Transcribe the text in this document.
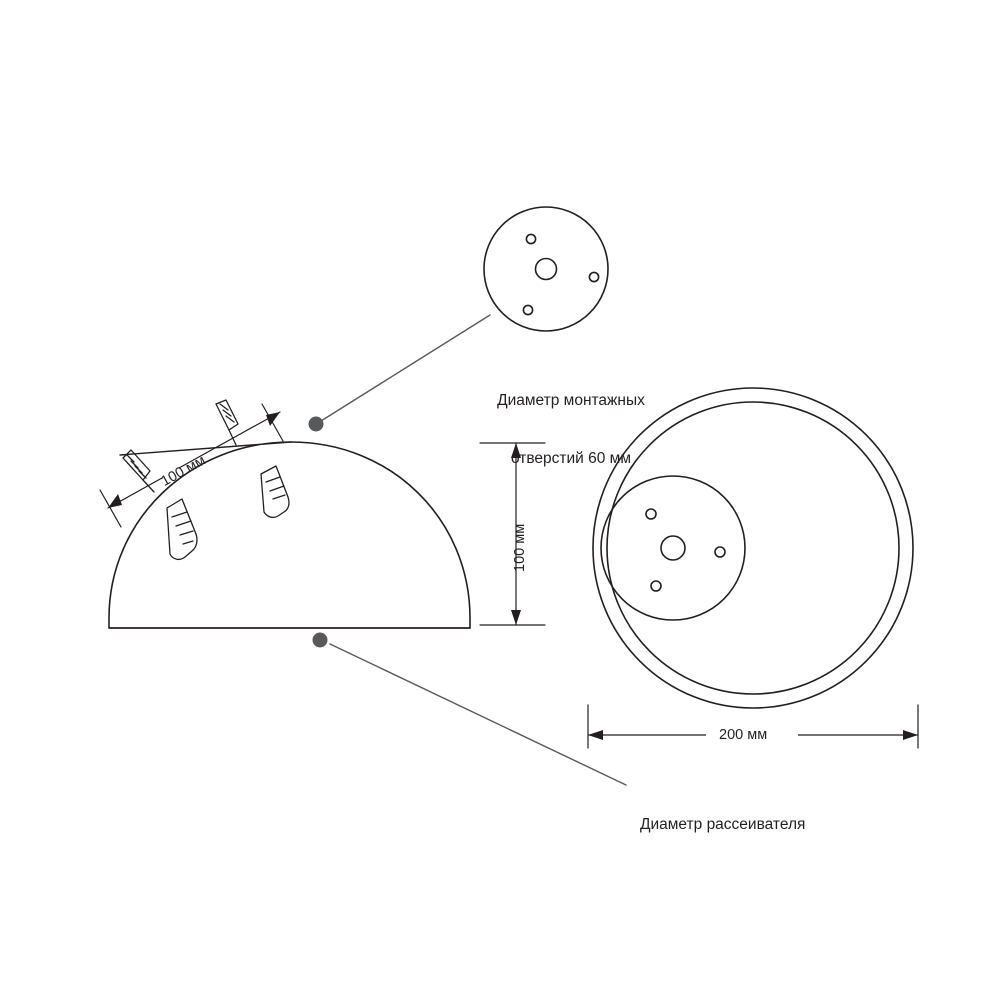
Диаметр монтажных

отверстий 60 мм

Диаметр рассеивателя

100 мм
100 мм
200 мм
